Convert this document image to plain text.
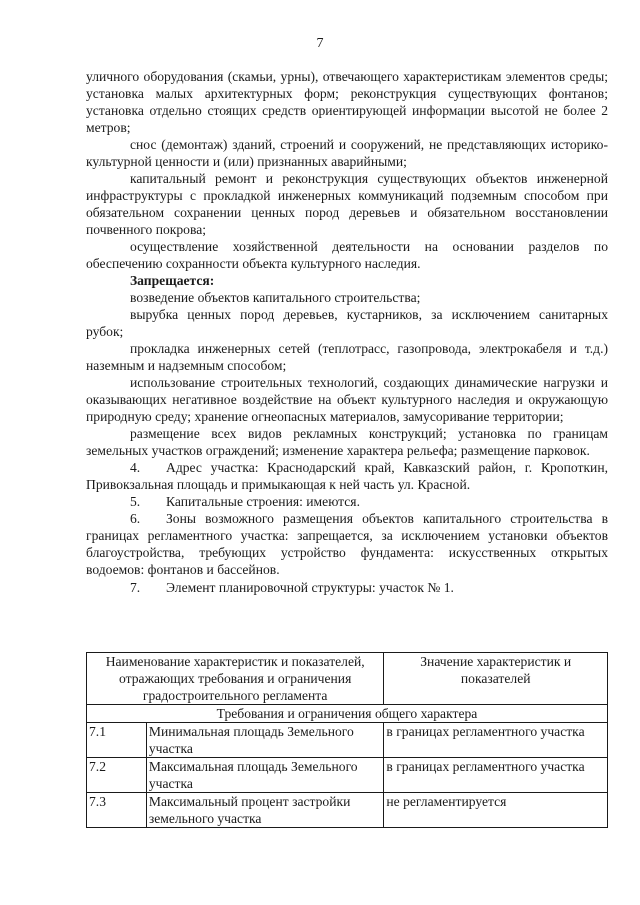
7

уличного оборудования (скамьи, урны), отвечающего характеристикам элементов среды; установка малых архитектурных форм; реконструкция существующих фонтанов; установка отдельно стоящих средств ориентирующей информации высотой не более 2 метров;

снос (демонтаж) зданий, строений и сооружений, не представляющих историко-культурной ценности и (или) признанных аварийными;

капитальный ремонт и реконструкция существующих объектов инженерной инфраструктуры с прокладкой инженерных коммуникаций подземным способом при обязательном сохранении ценных пород деревьев и обязательном восстановлении почвенного покрова;

осуществление хозяйственной деятельности на основании разделов по обеспечению сохранности объекта культурного наследия.

Запрещается:

возведение объектов капитального строительства;

вырубка ценных пород деревьев, кустарников, за исключением санитарных рубок;

прокладка инженерных сетей (теплотрасс, газопровода, электрокабеля и т.д.) наземным и надземным способом;

использование строительных технологий, создающих динамические нагрузки и оказывающих негативное воздействие на объект культурного наследия и окружающую природную среду; хранение огнеопасных материалов, замусоривание территории;

размещение всех видов рекламных конструкций; установка по границам земельных участков ограждений; изменение характера рельефа; размещение парковок.

4. Адрес участка: Краснодарский край, Кавказский район, г. Кропоткин, Привокзальная площадь и примыкающая к ней часть ул. Красной.

5. Капитальные строения: имеются.

6. Зоны возможного размещения объектов капитального строительства в границах регламентного участка: запрещается, за исключением установки объектов благоустройства, требующих устройство фундамента: искусственных открытых водоемов: фонтанов и бассейнов.

7. Элемент планировочной структуры: участок № 1.

Наименование характеристик и показателей, отражающих требования и ограничения градостроительного регламента		Значение характеристик и показателей
Требования и ограничения общего характера		
7.1	Минимальная площадь Земельного участка	в границах регламентного участка
7.2	Максимальная площадь Земельного участка	в границах регламентного участка
7.3	Максимальный процент застройки земельного участка	не регламентируется
